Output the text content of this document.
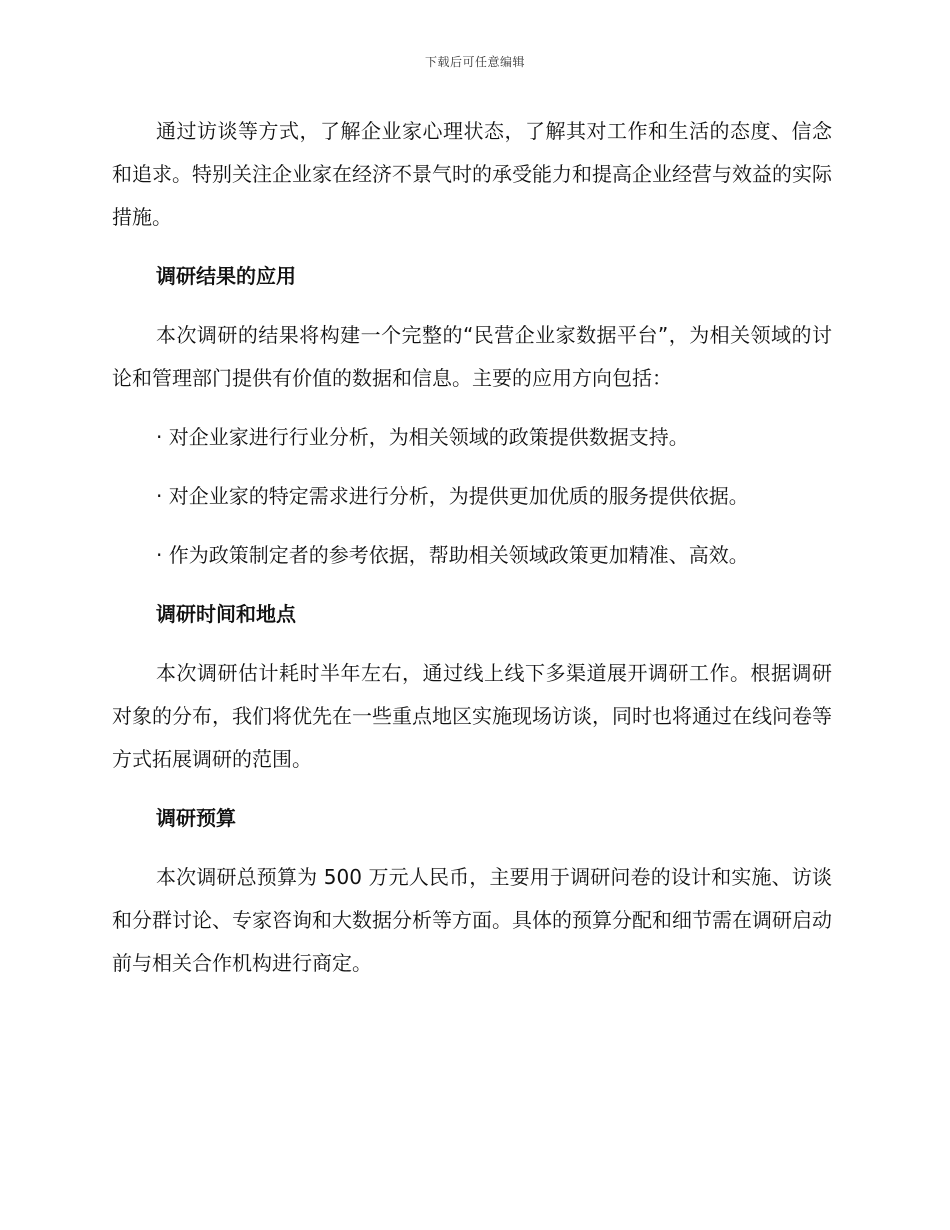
下载后可任意编辑

通过访谈等方式，了解企业家心理状态，了解其对工作和生活的态度、信念和追求。特别关注企业家在经济不景气时的承受能力和提高企业经营与效益的实际措施。

调研结果的应用

本次调研的结果将构建一个完整的“民营企业家数据平台”，为相关领域的讨论和管理部门提供有价值的数据和信息。主要的应用方向包括：

· 对企业家进行行业分析，为相关领域的政策提供数据支持。
· 对企业家的特定需求进行分析，为提供更加优质的服务提供依据。
· 作为政策制定者的参考依据，帮助相关领域政策更加精准、高效。
调研时间和地点

本次调研估计耗时半年左右，通过线上线下多渠道展开调研工作。根据调研对象的分布，我们将优先在一些重点地区实施现场访谈，同时也将通过在线问卷等方式拓展调研的范围。

调研预算

本次调研总预算为 500 万元人民币，主要用于调研问卷的设计和实施、访谈和分群讨论、专家咨询和大数据分析等方面。具体的预算分配和细节需在调研启动前与相关合作机构进行商定。
